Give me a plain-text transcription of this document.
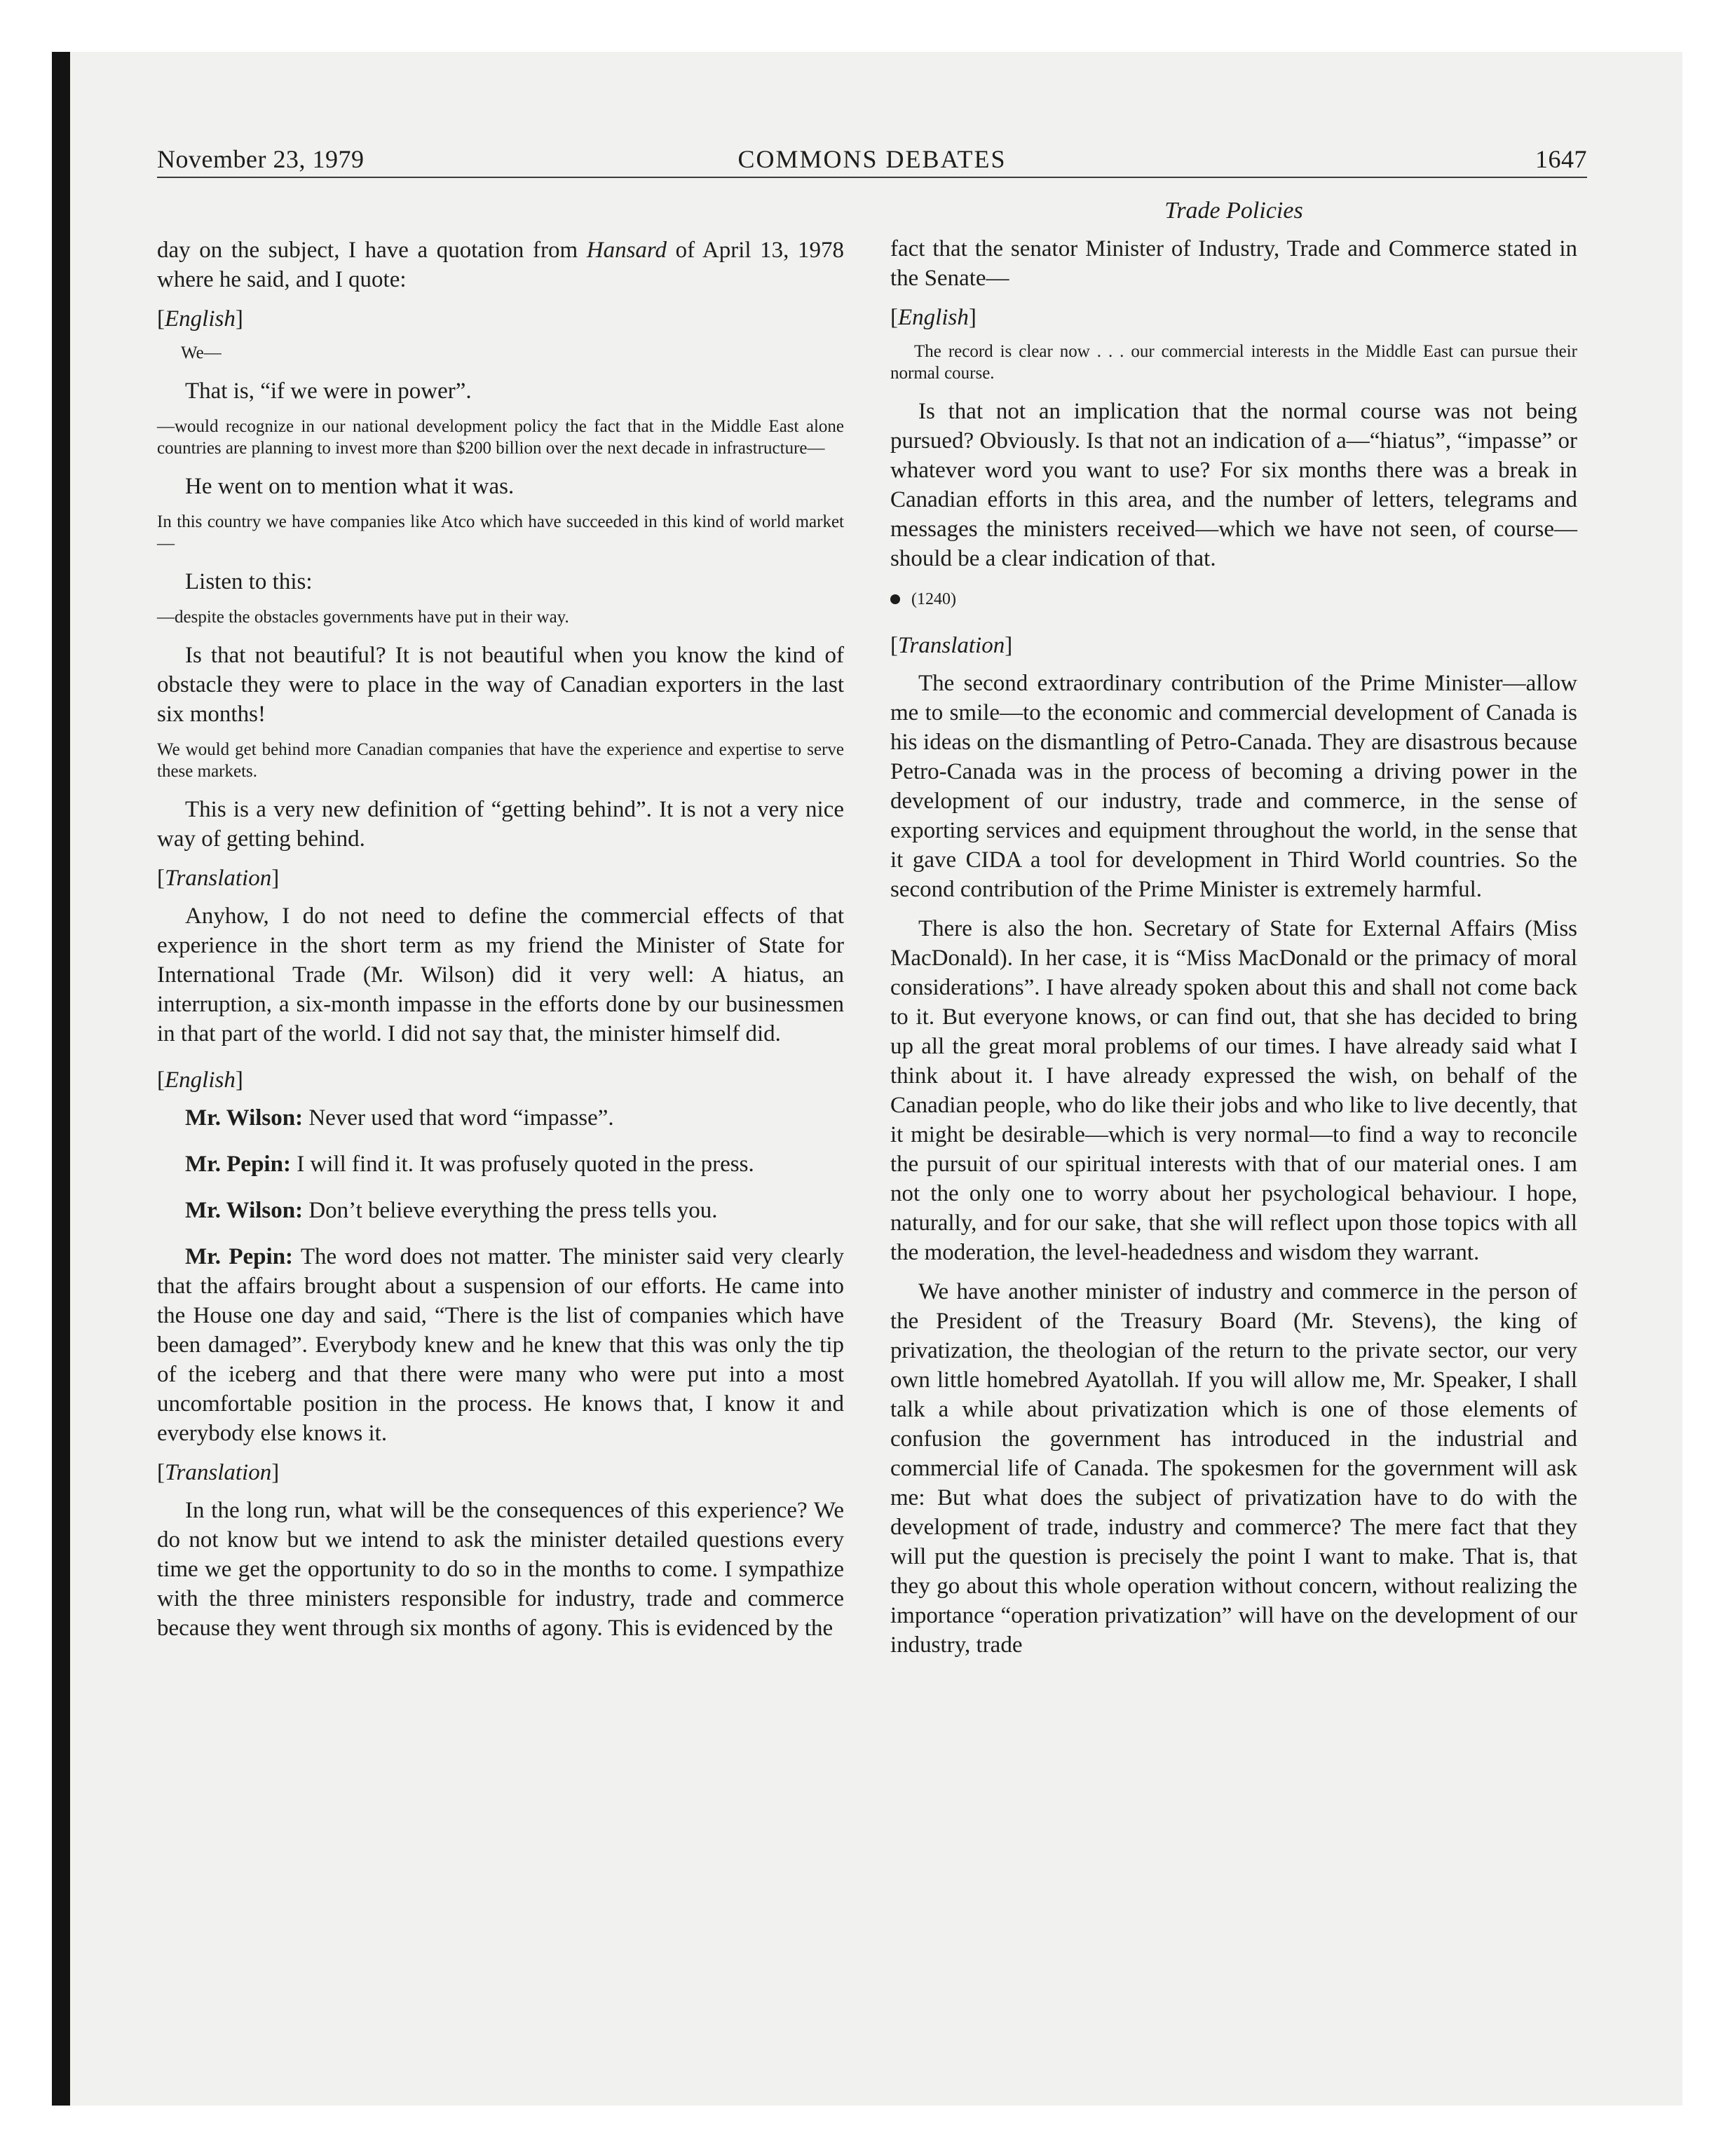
November 23, 1979	COMMONS DEBATES	1647

day on the subject, I have a quotation from Hansard of April 13, 1978 where he said, and I quote:

[English]

We—

That is, “if we were in power”.

—would recognize in our national development policy the fact that in the Middle East alone countries are planning to invest more than $200 billion over the next decade in infrastructure—

He went on to mention what it was.

In this country we have companies like Atco which have succeeded in this kind of world market—

Listen to this:

—despite the obstacles governments have put in their way.

Is that not beautiful? It is not beautiful when you know the kind of obstacle they were to place in the way of Canadian exporters in the last six months!

We would get behind more Canadian companies that have the experience and expertise to serve these markets.

This is a very new definition of “getting behind”. It is not a very nice way of getting behind.

[Translation]

Anyhow, I do not need to define the commercial effects of that experience in the short term as my friend the Minister of State for International Trade (Mr. Wilson) did it very well: A hiatus, an interruption, a six-month impasse in the efforts done by our businessmen in that part of the world. I did not say that, the minister himself did.

[English]

Mr. Wilson: Never used that word “impasse”.

Mr. Pepin: I will find it. It was profusely quoted in the press.

Mr. Wilson: Don’t believe everything the press tells you.

Mr. Pepin: The word does not matter. The minister said very clearly that the affairs brought about a suspension of our efforts. He came into the House one day and said, “There is the list of companies which have been damaged”. Everybody knew and he knew that this was only the tip of the iceberg and that there were many who were put into a most uncomfortable position in the process. He knows that, I know it and everybody else knows it.

[Translation]

In the long run, what will be the consequences of this experience? We do not know but we intend to ask the minister detailed questions every time we get the opportunity to do so in the months to come. I sympathize with the three ministers responsible for industry, trade and commerce because they went through six months of agony. This is evidenced by the

Trade Policies

fact that the senator Minister of Industry, Trade and Commerce stated in the Senate—

[English]

The record is clear now . . . our commercial interests in the Middle East can pursue their normal course.

Is that not an implication that the normal course was not being pursued? Obviously. Is that not an indication of a—“hiatus”, “impasse” or whatever word you want to use? For six months there was a break in Canadian efforts in this area, and the number of letters, telegrams and messages the ministers received—which we have not seen, of course—should be a clear indication of that.

(1240)

[Translation]

The second extraordinary contribution of the Prime Minister—allow me to smile—to the economic and commercial development of Canada is his ideas on the dismantling of Petro-Canada. They are disastrous because Petro-Canada was in the process of becoming a driving power in the development of our industry, trade and commerce, in the sense of exporting services and equipment throughout the world, in the sense that it gave CIDA a tool for development in Third World countries. So the second contribution of the Prime Minister is extremely harmful.

There is also the hon. Secretary of State for External Affairs (Miss MacDonald). In her case, it is “Miss MacDonald or the primacy of moral considerations”. I have already spoken about this and shall not come back to it. But everyone knows, or can find out, that she has decided to bring up all the great moral problems of our times. I have already said what I think about it. I have already expressed the wish, on behalf of the Canadian people, who do like their jobs and who like to live decently, that it might be desirable—which is very normal—to find a way to reconcile the pursuit of our spiritual interests with that of our material ones. I am not the only one to worry about her psychological behaviour. I hope, naturally, and for our sake, that she will reflect upon those topics with all the moderation, the level-headedness and wisdom they warrant.

We have another minister of industry and commerce in the person of the President of the Treasury Board (Mr. Stevens), the king of privatization, the theologian of the return to the private sector, our very own little homebred Ayatollah. If you will allow me, Mr. Speaker, I shall talk a while about privatization which is one of those elements of confusion the government has introduced in the industrial and commercial life of Canada. The spokesmen for the government will ask me: But what does the subject of privatization have to do with the development of trade, industry and commerce? The mere fact that they will put the question is precisely the point I want to make. That is, that they go about this whole operation without concern, without realizing the importance “operation privatization” will have on the development of our industry, trade
